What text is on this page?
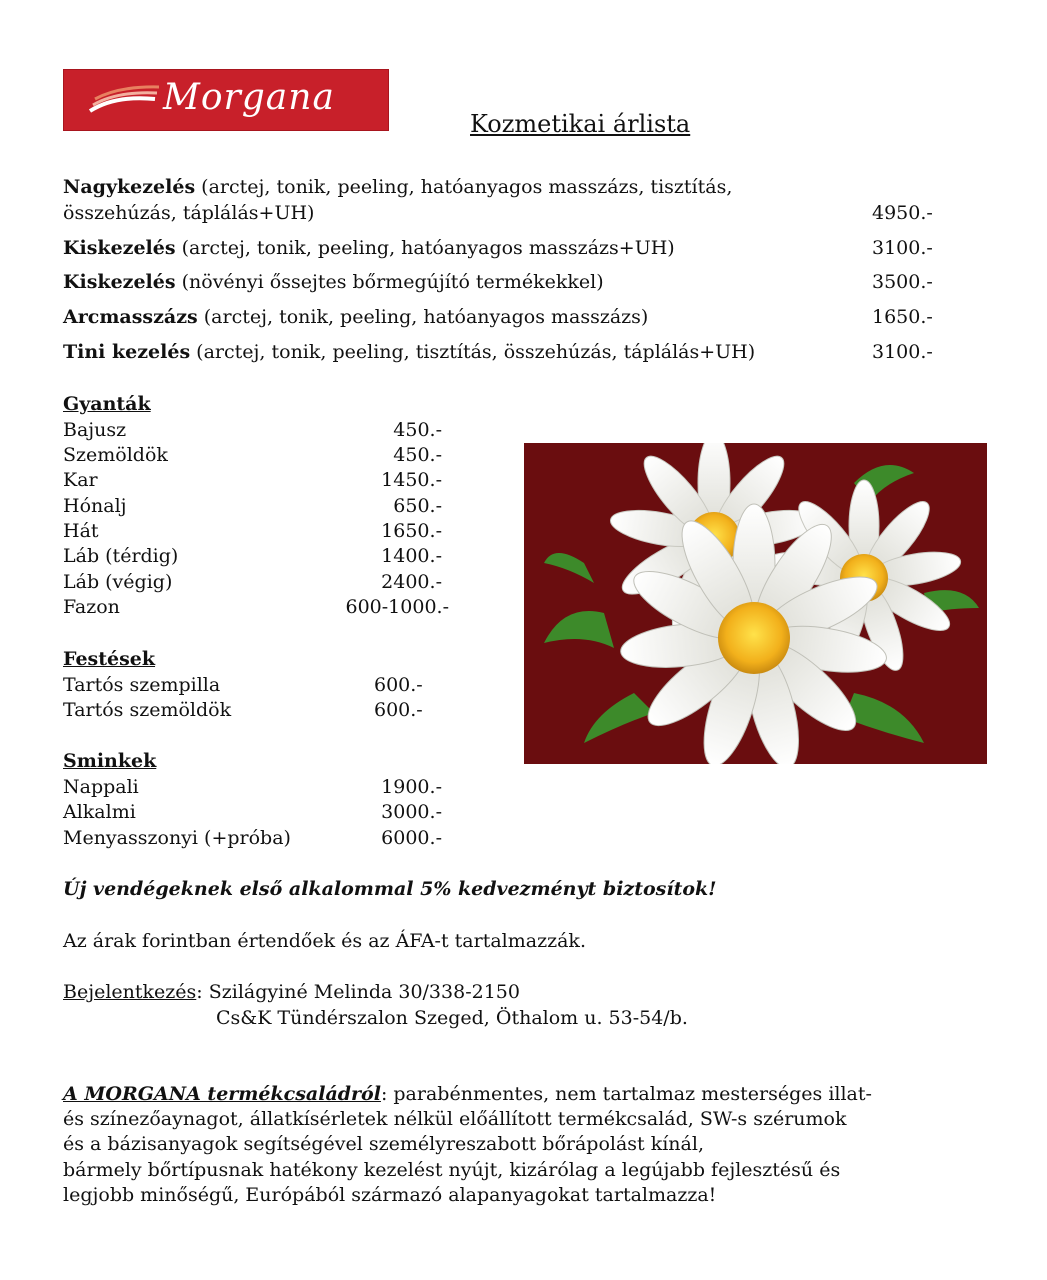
Morgana
Kozmetikai árlista
Nagykezelés (arctej, tonik, peeling, hatóanyagos masszázs, tisztítás,
összehúzás, táplálás+UH)	4950.-
Kiskezelés (arctej, tonik, peeling, hatóanyagos masszázs+UH)	3100.-
Kiskezelés (növényi őssejtes bőrmegújító termékekkel)	3500.-
Arcmasszázs (arctej, tonik, peeling, hatóanyagos masszázs)	1650.-
Tini kezelés (arctej, tonik, peeling, tisztítás, összehúzás, táplálás+UH)	3100.-
Gyanták
Bajusz	450.-
Szemöldök	450.-
Kar	1450.-
Hónalj	650.-
Hát	1650.-
Láb (térdig)	1400.-
Láb (végig)	2400.-
Fazon	600-1000.-
Festések
Tartós szempilla	600.-
Tartós szemöldök	600.-
Sminkek
Nappali	1900.-
Alkalmi	3000.-
Menyasszonyi (+próba)	6000.-
Új vendégeknek első alkalommal 5% kedvezményt biztosítok!
Az árak forintban értendőek és az ÁFA-t tartalmazzák.
Bejelentkezés: Szilágyiné Melinda 30/338-2150
Cs&K Tündérszalon Szeged, Öthalom u. 53-54/b.
A MORGANA termékcsaládról: parabénmentes, nem tartalmaz mesterséges illat-
és színezőaynagot, állatkísérletek nélkül előállított termékcsalád, SW-s szérumok
és a bázisanyagok segítségével személyreszabott bőrápolást kínál,
bármely bőrtípusnak hatékony kezelést nyújt, kizárólag a legújabb fejlesztésű és
legjobb minőségű, Európából származó alapanyagokat tartalmazza!
